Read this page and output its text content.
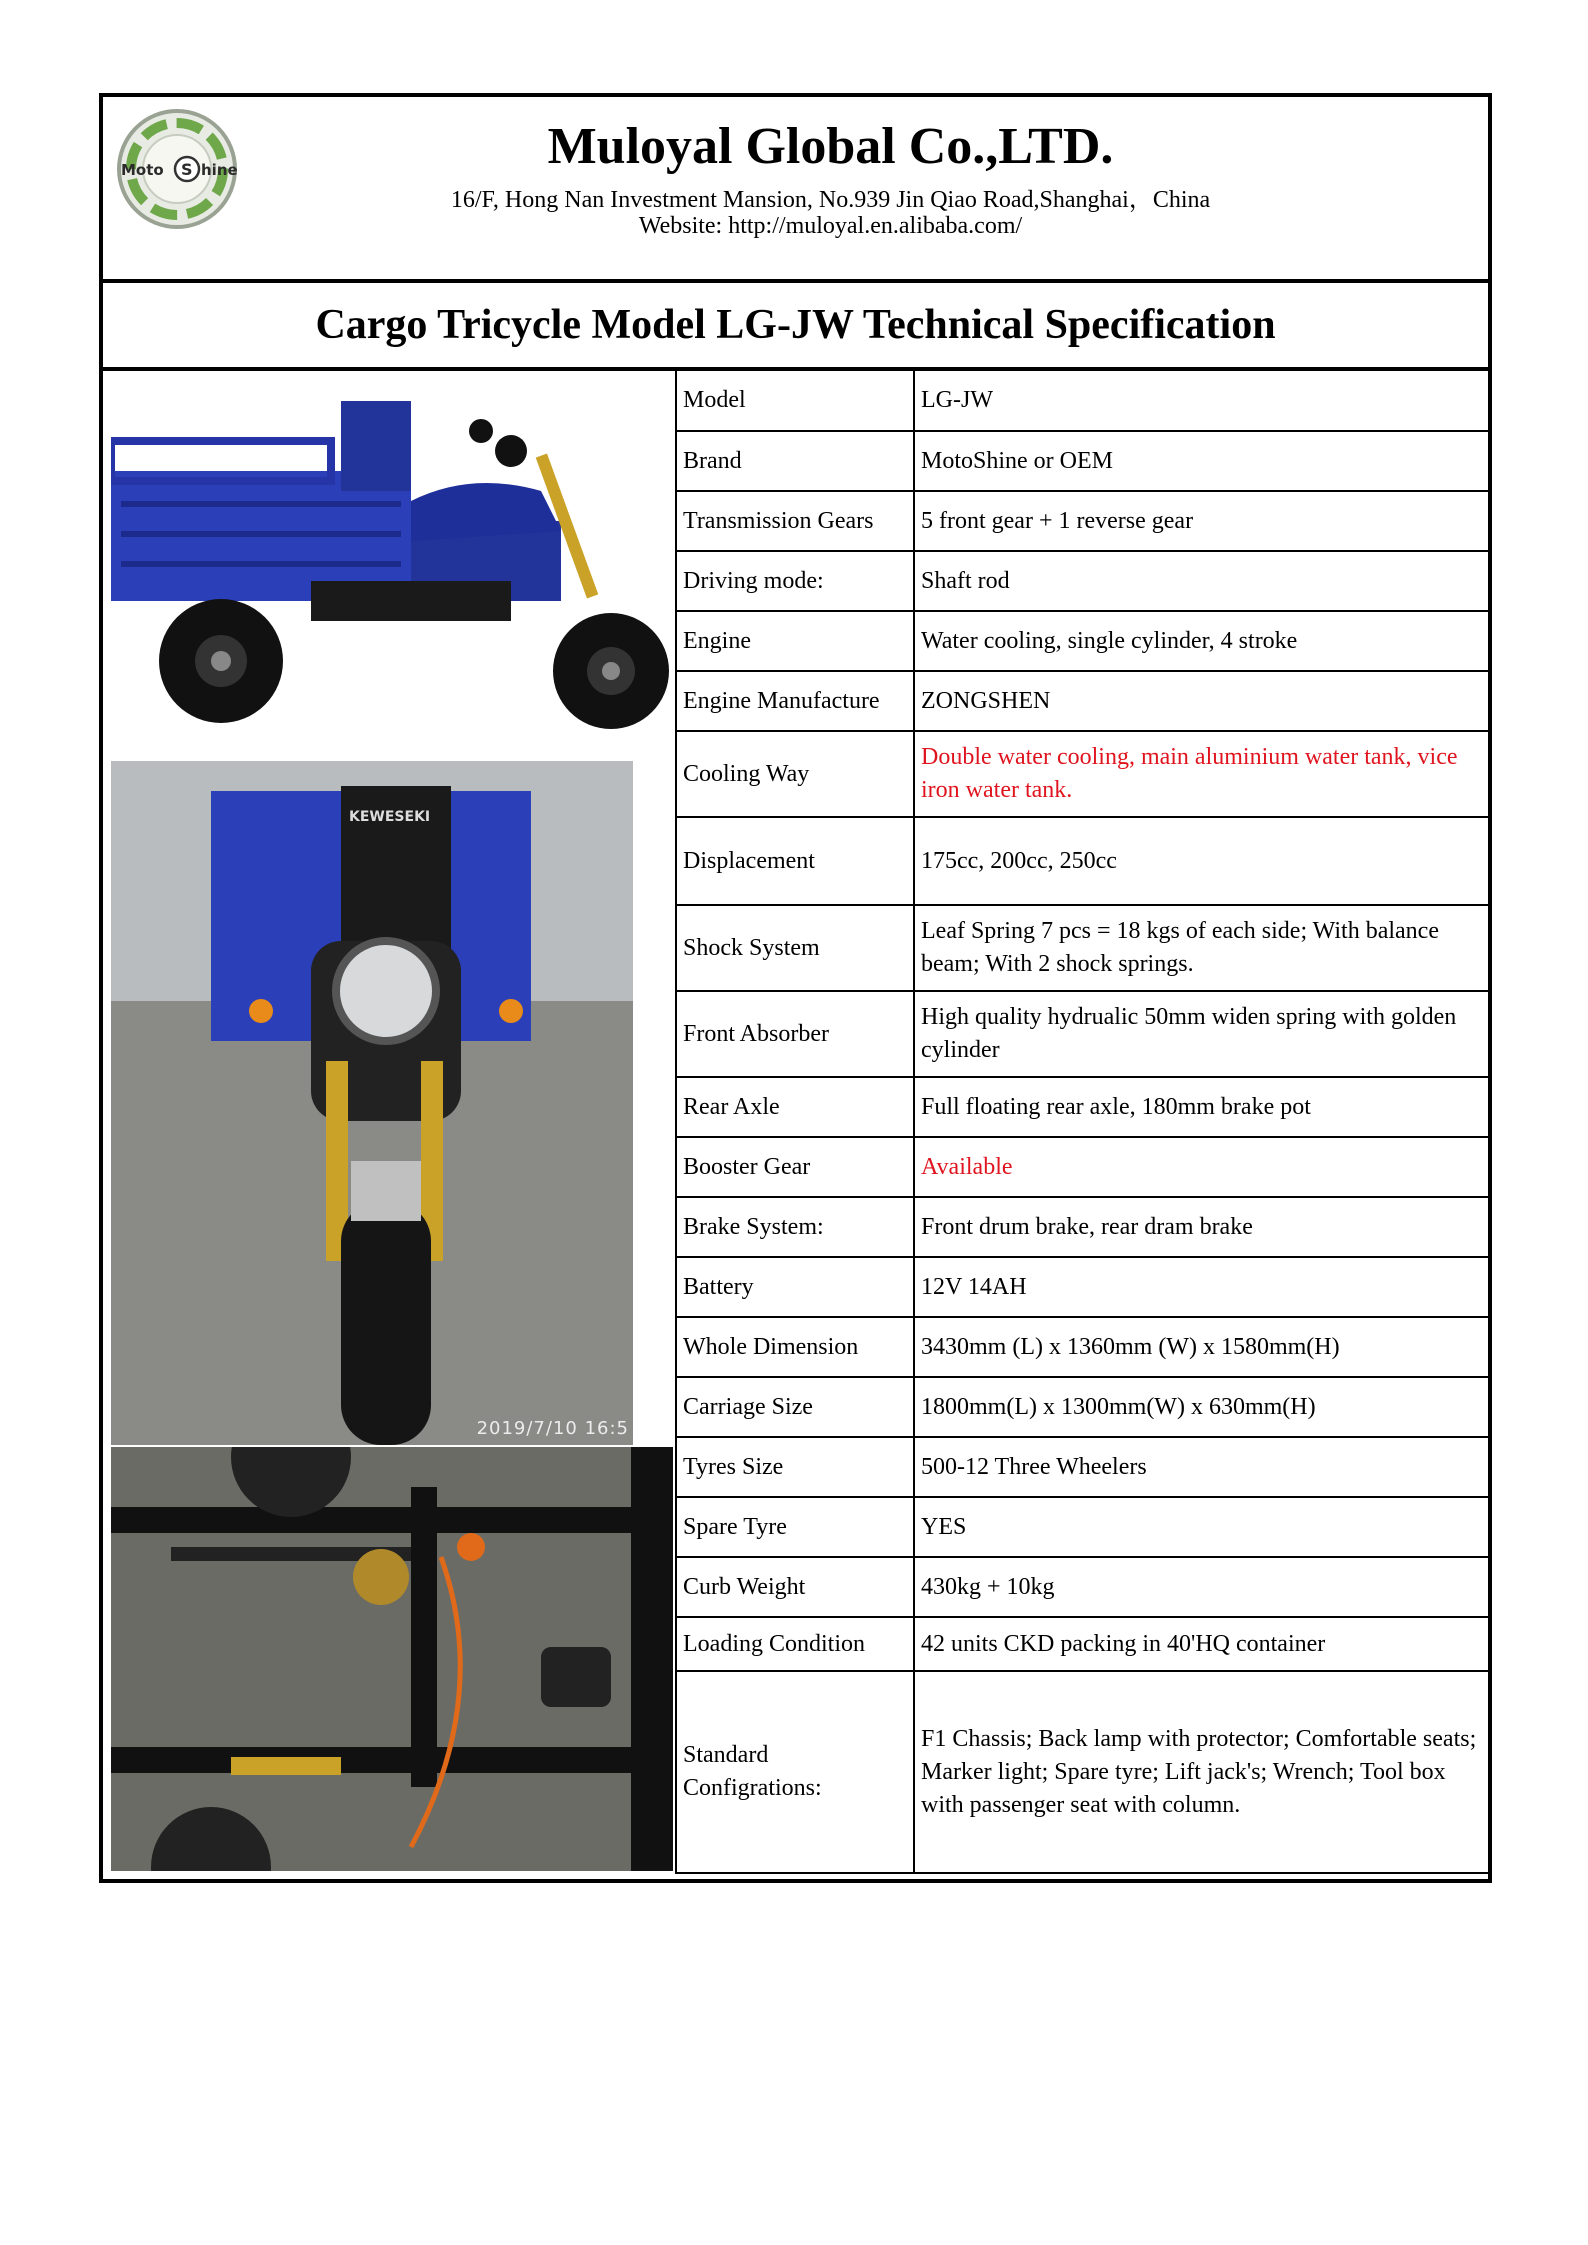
Moto S hine	Muloyal Global Co.,LTD.
16/F, Hong Nan Investment Mansion, No.939 Jin Qiao Road,Shanghai，China
Website: http://muloyal.en.alibaba.com/
Cargo Tricycle Model LG-JW Technical Specification
KEWESEKI
2019/7/10 16:5
Model	LG-JW
Brand	MotoShine or OEM
Transmission Gears	5 front gear + 1 reverse gear
Driving mode:	Shaft rod
Engine	Water cooling, single cylinder, 4 stroke
Engine Manufacture	ZONGSHEN
Cooling Way	Double water cooling, main aluminium water tank, vice iron water tank.
Displacement	175cc, 200cc, 250cc
Shock System	Leaf Spring 7 pcs = 18 kgs of each side; With balance beam; With 2 shock springs.
Front Absorber	High quality hydrualic 50mm widen spring with golden cylinder
Rear Axle	Full floating rear axle, 180mm brake pot
Booster Gear	Available
Brake System:	Front drum brake, rear dram brake
Battery	12V 14AH
Whole Dimension	3430mm (L) x 1360mm (W) x 1580mm(H)
Carriage Size	1800mm(L) x 1300mm(W) x 630mm(H)
Tyres Size	500-12 Three Wheelers
Spare Tyre	YES
Curb Weight	430kg + 10kg
Loading Condition	42 units CKD packing in 40'HQ container
Standard Configrations:	F1 Chassis; Back lamp with protector; Comfortable seats; Marker light; Spare tyre; Lift jack's; Wrench; Tool box with passenger seat with column.
